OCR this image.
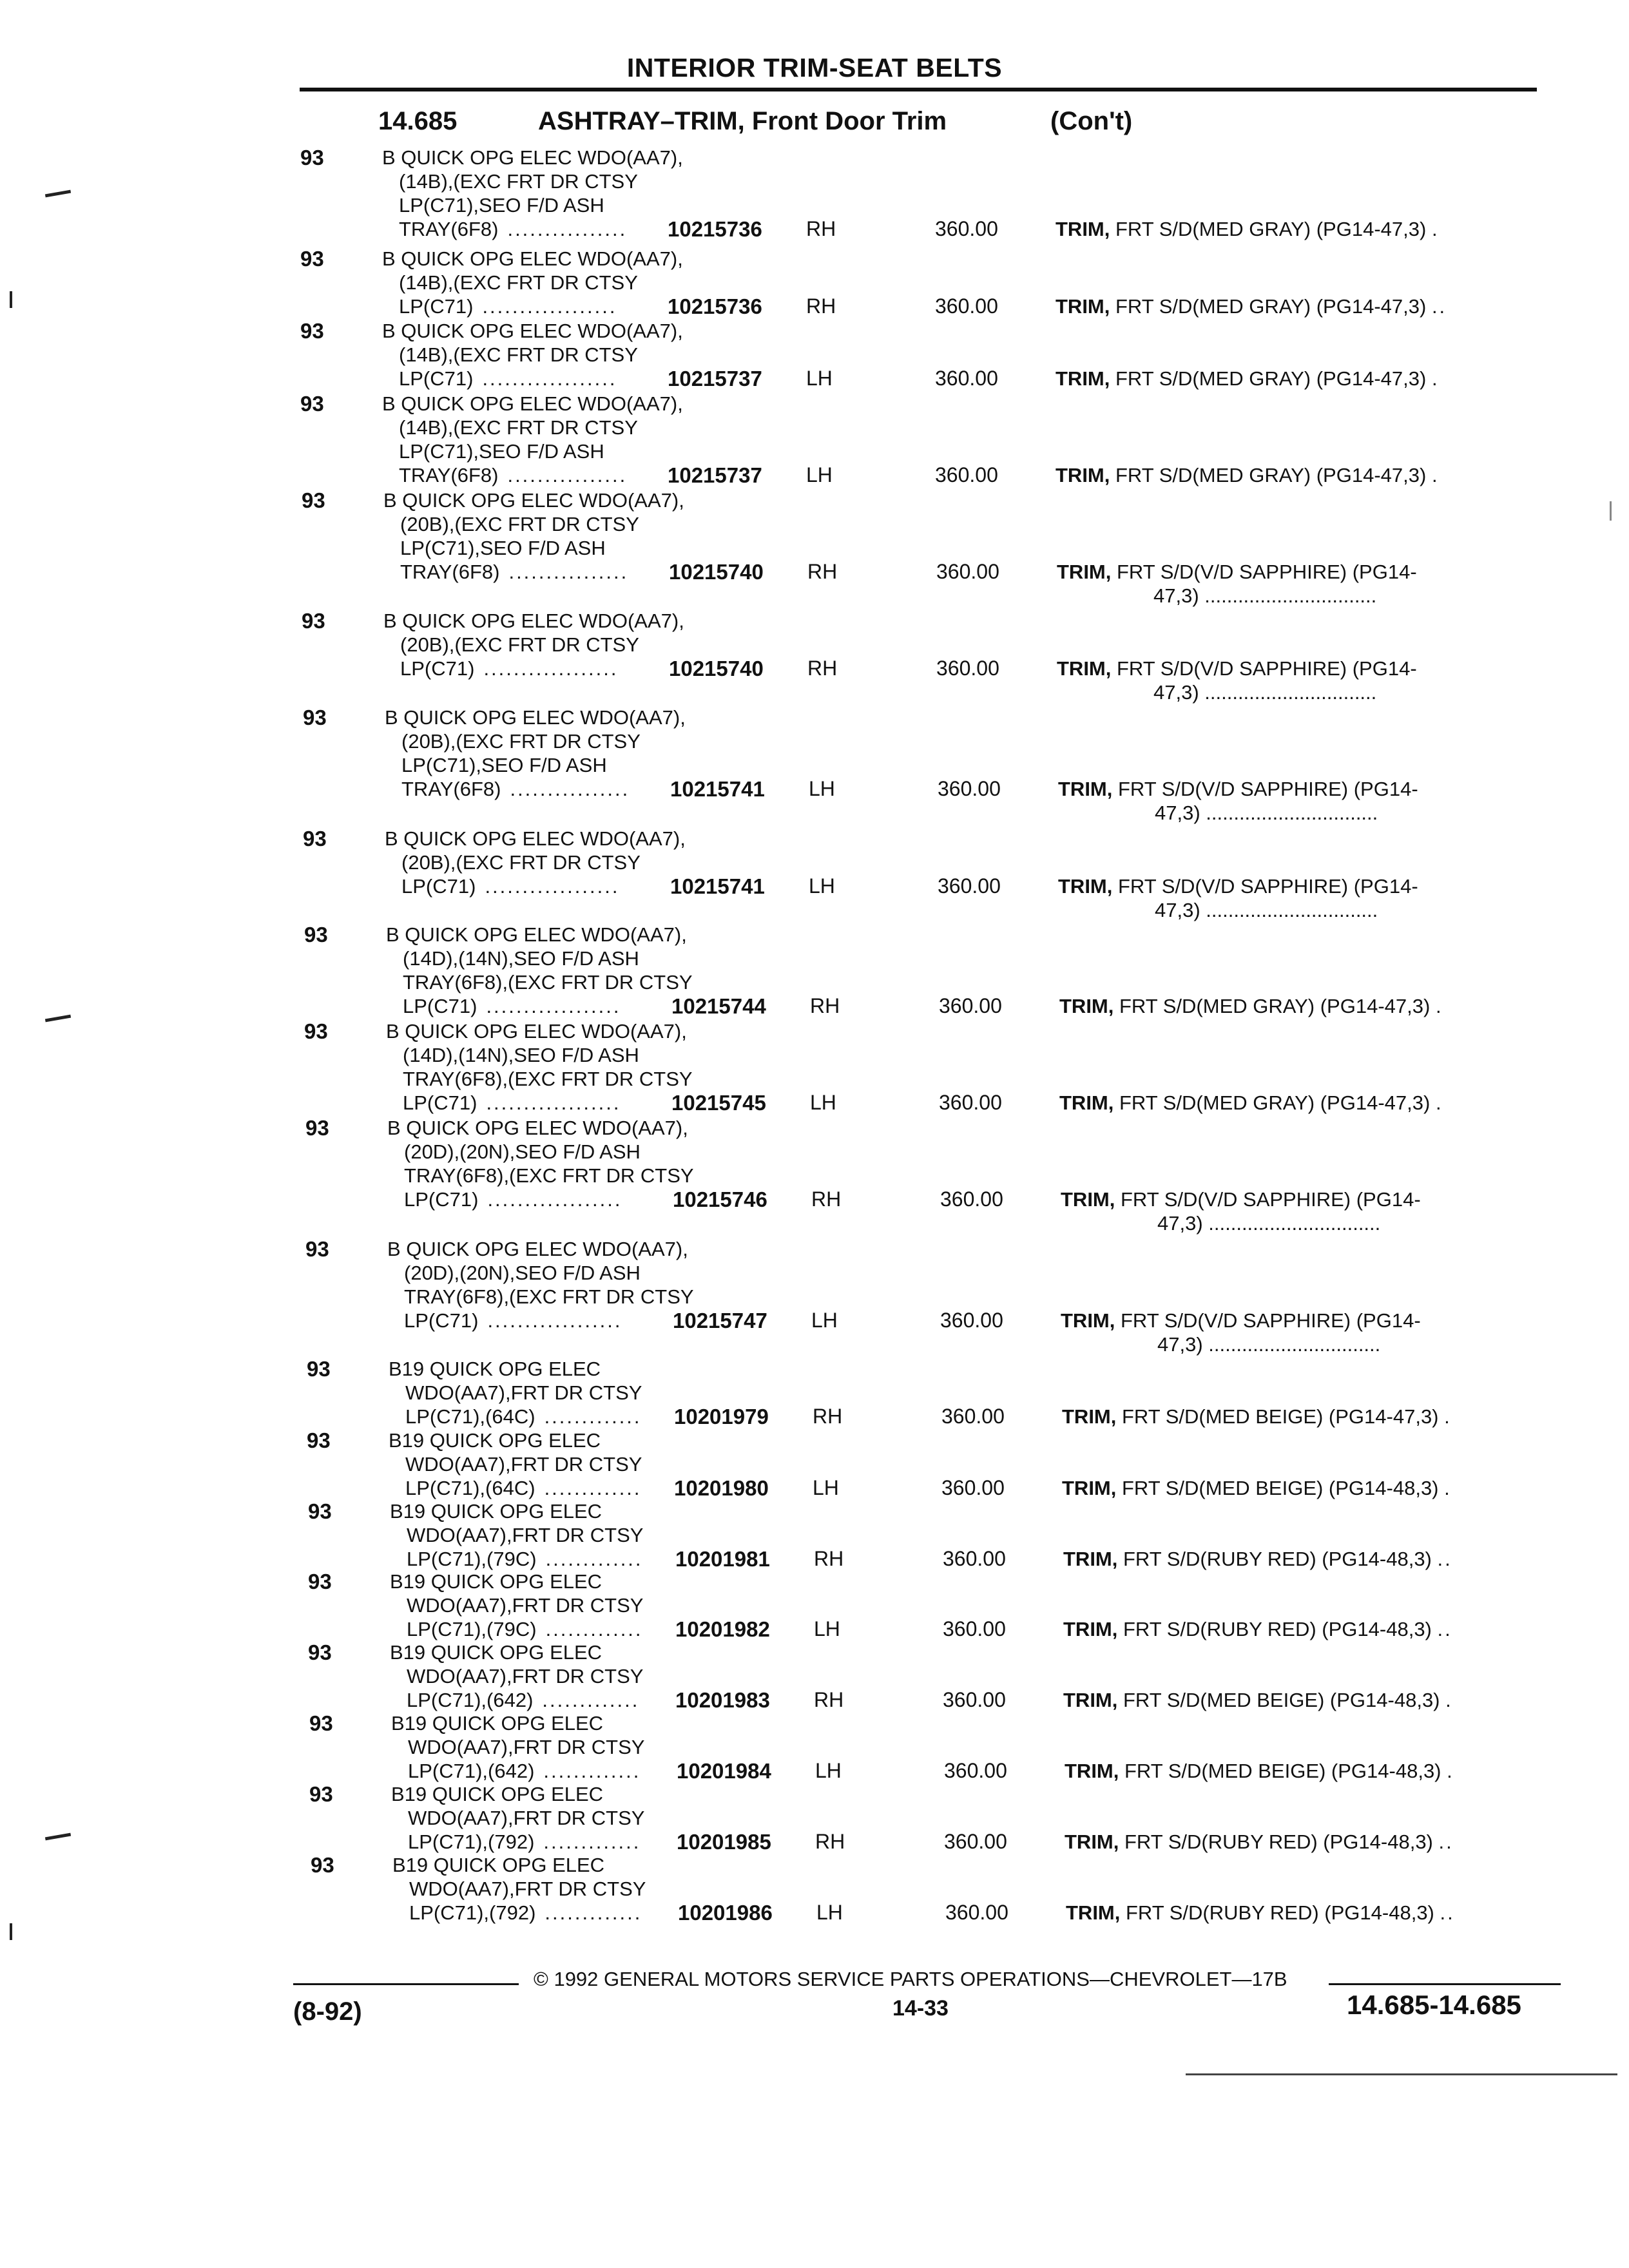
INTERIOR TRIM-SEAT BELTS
14.685	ASHTRAY–TRIM, Front Door Trim	(Con't)
93	B QUICK OPG ELEC WDO(AA7),
(14B),(EXC FRT DR CTSY
LP(C71),SEO F/D ASH
TRAY(6F8) ................	10215736 RH	360.00	TRIM, FRT S/D(MED GRAY) (PG14-47,3) .
93	B QUICK OPG ELEC WDO(AA7),
(14B),(EXC FRT DR CTSY
LP(C71) ..................	10215736 RH	360.00	TRIM, FRT S/D(MED GRAY) (PG14-47,3) ..
93	B QUICK OPG ELEC WDO(AA7),
(14B),(EXC FRT DR CTSY
LP(C71) ..................	10215737 LH	360.00	TRIM, FRT S/D(MED GRAY) (PG14-47,3) .
93	B QUICK OPG ELEC WDO(AA7),
(14B),(EXC FRT DR CTSY
LP(C71),SEO F/D ASH
TRAY(6F8) ................	10215737 LH	360.00	TRIM, FRT S/D(MED GRAY) (PG14-47,3) .
93	B QUICK OPG ELEC WDO(AA7),
(20B),(EXC FRT DR CTSY
LP(C71),SEO F/D ASH
TRAY(6F8) ................	10215740 RH	360.00	TRIM, FRT S/D(V/D SAPPHIRE) (PG14-
47,3) ...............................
93	B QUICK OPG ELEC WDO(AA7),
(20B),(EXC FRT DR CTSY
LP(C71) ..................	10215740 RH	360.00	TRIM, FRT S/D(V/D SAPPHIRE) (PG14-
47,3) ...............................
93	B QUICK OPG ELEC WDO(AA7),
(20B),(EXC FRT DR CTSY
LP(C71),SEO F/D ASH
TRAY(6F8) ................	10215741 LH	360.00	TRIM, FRT S/D(V/D SAPPHIRE) (PG14-
47,3) ...............................
93	B QUICK OPG ELEC WDO(AA7),
(20B),(EXC FRT DR CTSY
LP(C71) ..................	10215741 LH	360.00	TRIM, FRT S/D(V/D SAPPHIRE) (PG14-
47,3) ...............................
93	B QUICK OPG ELEC WDO(AA7),
(14D),(14N),SEO F/D ASH
TRAY(6F8),(EXC FRT DR CTSY
LP(C71) ..................	10215744 RH	360.00	TRIM, FRT S/D(MED GRAY) (PG14-47,3) .
93	B QUICK OPG ELEC WDO(AA7),
(14D),(14N),SEO F/D ASH
TRAY(6F8),(EXC FRT DR CTSY
LP(C71) ..................	10215745 LH	360.00	TRIM, FRT S/D(MED GRAY) (PG14-47,3) .
93	B QUICK OPG ELEC WDO(AA7),
(20D),(20N),SEO F/D ASH
TRAY(6F8),(EXC FRT DR CTSY
LP(C71) ..................	10215746 RH	360.00	TRIM, FRT S/D(V/D SAPPHIRE) (PG14-
47,3) ...............................
93	B QUICK OPG ELEC WDO(AA7),
(20D),(20N),SEO F/D ASH
TRAY(6F8),(EXC FRT DR CTSY
LP(C71) ..................	10215747 LH	360.00	TRIM, FRT S/D(V/D SAPPHIRE) (PG14-
47,3) ...............................
93	B19 QUICK OPG ELEC
WDO(AA7),FRT DR CTSY
LP(C71),(64C) ............. 10201979 RH	360.00	TRIM, FRT S/D(MED BEIGE) (PG14-47,3) .
93	B19 QUICK OPG ELEC
WDO(AA7),FRT DR CTSY
LP(C71),(64C) ............. 10201980 LH	360.00	TRIM, FRT S/D(MED BEIGE) (PG14-48,3) .
93	B19 QUICK OPG ELEC
WDO(AA7),FRT DR CTSY
LP(C71),(79C) ............. 10201981 RH	360.00	TRIM, FRT S/D(RUBY RED) (PG14-48,3) ..
93	B19 QUICK OPG ELEC
WDO(AA7),FRT DR CTSY
LP(C71),(79C) ............. 10201982 LH	360.00	TRIM, FRT S/D(RUBY RED) (PG14-48,3) ..
93	B19 QUICK OPG ELEC
WDO(AA7),FRT DR CTSY
LP(C71),(642) ............. 10201983 RH	360.00	TRIM, FRT S/D(MED BEIGE) (PG14-48,3) .
93	B19 QUICK OPG ELEC
WDO(AA7),FRT DR CTSY
LP(C71),(642) ............. 10201984 LH	360.00	TRIM, FRT S/D(MED BEIGE) (PG14-48,3) .
93	B19 QUICK OPG ELEC
WDO(AA7),FRT DR CTSY
LP(C71),(792) ............. 10201985 RH	360.00	TRIM, FRT S/D(RUBY RED) (PG14-48,3) ..
93	B19 QUICK OPG ELEC
WDO(AA7),FRT DR CTSY
LP(C71),(792) ............. 10201986 LH	360.00	TRIM, FRT S/D(RUBY RED) (PG14-48,3) ..
© 1992 GENERAL MOTORS SERVICE PARTS OPERATIONS—CHEVROLET—17B
(8-92)	14-33	14.685-14.685
